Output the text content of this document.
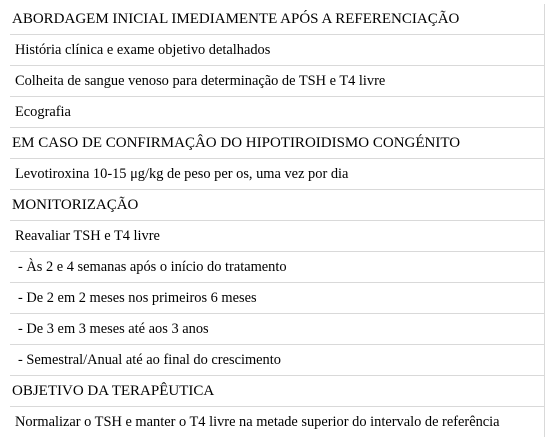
ABORDAGEM INICIAL IMEDIAMENTE APÓS A REFERENCIAÇÃO
História clínica e exame objetivo detalhados
Colheita de sangue venoso para determinação de TSH e T4 livre
Ecografia
EM CASO DE CONFIRMAÇÂO DO HIPOTIROIDISMO CONGÉNITO
Levotiroxina 10-15 μg/kg de peso per os, uma vez por dia
MONITORIZAÇÃO
Reavaliar TSH e T4 livre
- Às 2 e 4 semanas após o início do tratamento
- De 2 em 2 meses nos primeiros 6 meses
- De 3 em 3 meses até aos 3 anos
- Semestral/Anual até ao final do crescimento
OBJETIVO DA TERAPÊUTICA
Normalizar o TSH e manter o T4 livre na metade superior do intervalo de referência
